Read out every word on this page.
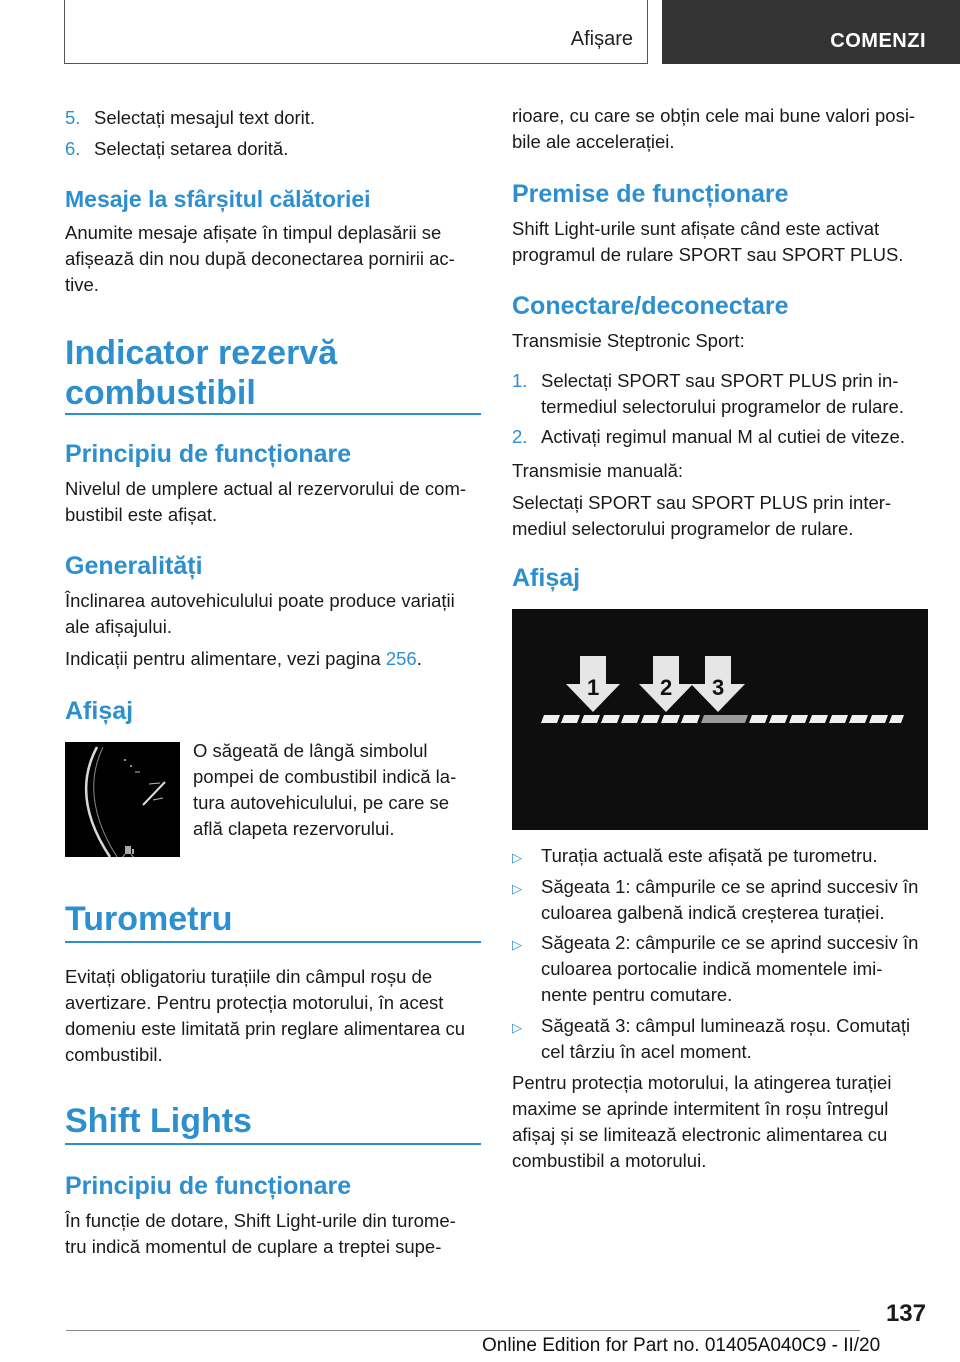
Afișare	COMENZI
5. Selectați mesajul text dorit.
6. Selectați setarea dorită.
Mesaje la sfârșitul călătoriei

Anumite mesaje afișate în timpul deplasării se

afișează din nou după deconectarea pornirii ac-

tive.

Indicator rezervă

combustibil

Principiu de funcționare

Nivelul de umplere actual al rezervorului de com-

bustibil este afișat.

Generalități

Înclinarea autovehiculului poate produce variații

ale afișajului.

Indicații pentru alimentare, vezi pagina 256.

Afișaj

O săgeată de lângă simbolul

pompei de combustibil indică la-

tura autovehiculului, pe care se

află clapeta rezervorului.

Turometru

Evitați obligatoriu turațiile din câmpul roșu de

avertizare. Pentru protecția motorului, în acest

domeniu este limitată prin reglare alimentarea cu

combustibil.

Shift Lights

Principiu de funcționare

În funcție de dotare, Shift Light-urile din turome-

tru indică momentul de cuplare a treptei supe-

rioare, cu care se obțin cele mai bune valori posi-

bile ale accelerației.

Premise de funcționare

Shift Light-urile sunt afișate când este activat

programul de rulare SPORT sau SPORT PLUS.

Conectare/deconectare

Transmisie Steptronic Sport:

1. Selectați SPORT sau SPORT PLUS prin in-
termediul selectorului programelor de rulare.
2. Activați regimul manual M al cutiei de viteze.

Transmisie manuală:

Selectați SPORT sau SPORT PLUS prin inter-

mediul selectorului programelor de rulare.

Afișaj
1	2 3
▷ Turația actuală este afișată pe turometru.
▷ Săgeata 1: câmpurile ce se aprind succesiv în
culoarea galbenă indică creșterea turației.
▷ Săgeata 2: câmpurile ce se aprind succesiv în
culoarea portocalie indică momentele imi-
nente pentru comutare.
▷ Săgeată 3: câmpul luminează roșu. Comutați
cel târziu în acel moment.

Pentru protecția motorului, la atingerea turației

maxime se aprinde intermitent în roșu întregul

afișaj și se limitează electronic alimentarea cu

combustibil a motorului.

137
Online Edition for Part no. 01405A040C9 - II/20
